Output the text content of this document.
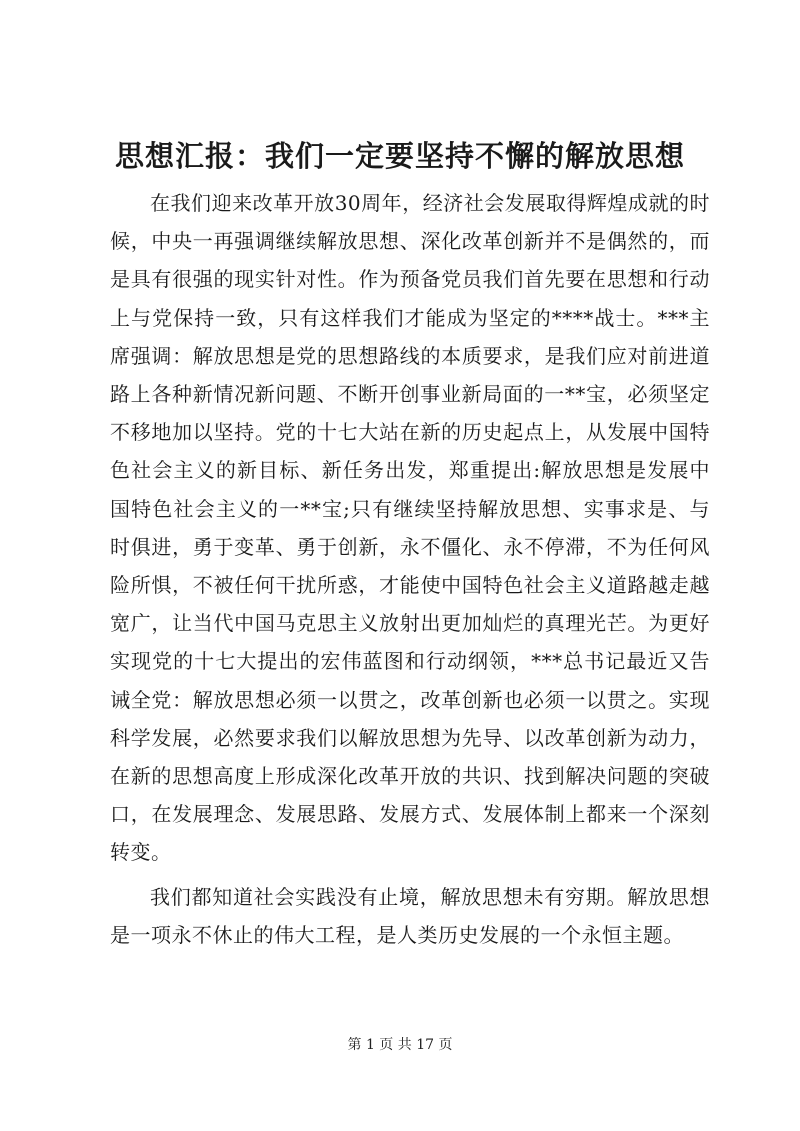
思想汇报：我们一定要坚持不懈的解放思想

在我们迎来改革开放30周年，经济社会发展取得辉煌成就的时候，中央一再强调继续解放思想、深化改革创新并不是偶然的，而是具有很强的现实针对性。作为预备党员我们首先要在思想和行动上与党保持一致，只有这样我们才能成为坚定的****战士。***主席强调：解放思想是党的思想路线的本质要求，是我们应对前进道路上各种新情况新问题、不断开创事业新局面的一**宝，必须坚定不移地加以坚持。党的十七大站在新的历史起点上，从发展中国特色社会主义的新目标、新任务出发，郑重提出:解放思想是发展中国特色社会主义的一**宝;只有继续坚持解放思想、实事求是、与时俱进，勇于变革、勇于创新，永不僵化、永不停滞，不为任何风险所惧，不被任何干扰所惑，才能使中国特色社会主义道路越走越宽广，让当代中国马克思主义放射出更加灿烂的真理光芒。为更好实现党的十七大提出的宏伟蓝图和行动纲领，***总书记最近又告诫全党：解放思想必须一以贯之，改革创新也必须一以贯之。实现科学发展，必然要求我们以解放思想为先导、以改革创新为动力，在新的思想高度上形成深化改革开放的共识、找到解决问题的突破口，在发展理念、发展思路、发展方式、发展体制上都来一个深刻转变。

我们都知道社会实践没有止境，解放思想未有穷期。解放思想是一项永不休止的伟大工程，是人类历史发展的一个永恒主题。

第 1 页 共 17 页
